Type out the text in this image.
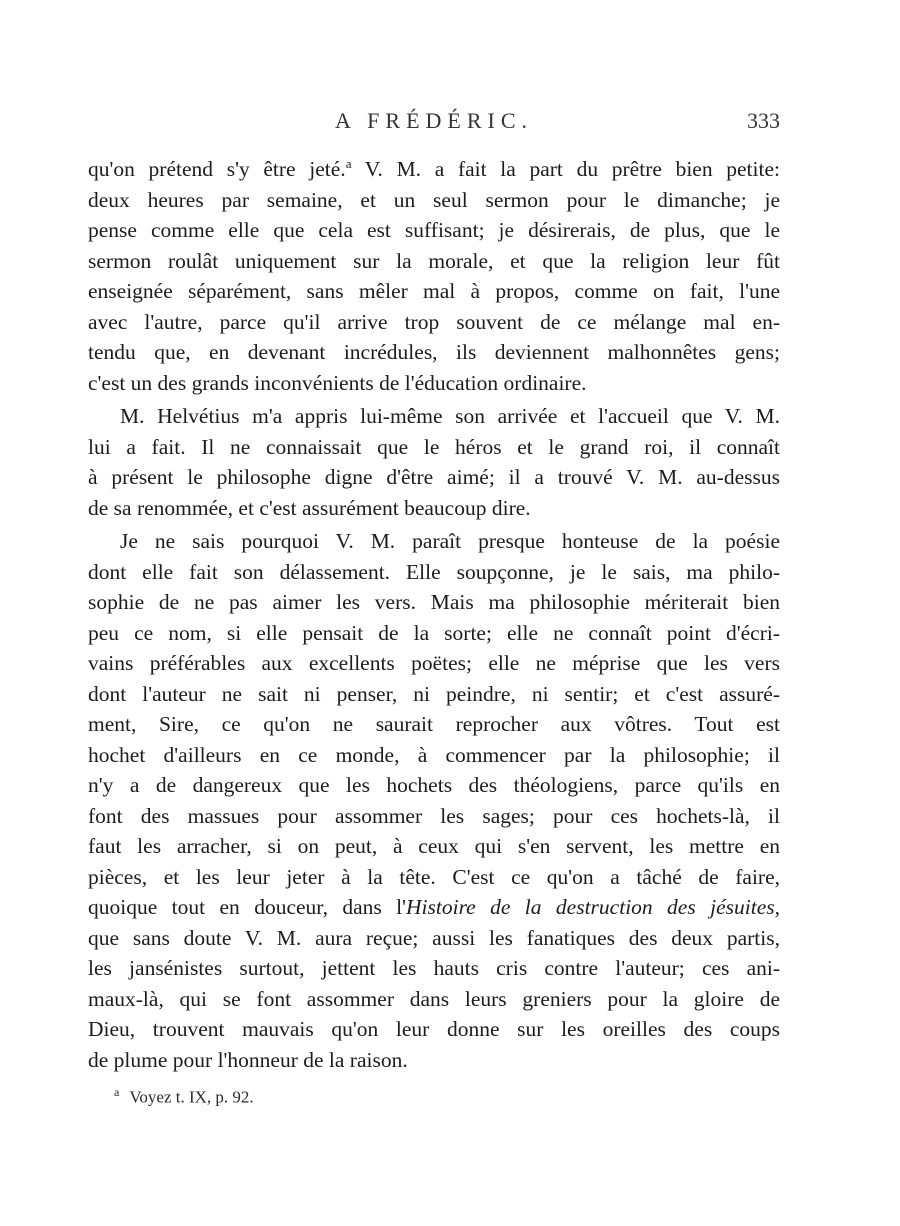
A FRÉDÉRIC.	333
qu'on prétend s'y être jeté.$^a$ V. M. a fait la part du prêtre bien petite:
deux heures par semaine, et un seul sermon pour le dimanche; je
pense comme elle que cela est suffisant; je désirerais, de plus, que le
sermon roulât uniquement sur la morale, et que la religion leur fût
enseignée séparément, sans mêler mal à propos, comme on fait, l'une
avec l'autre, parce qu'il arrive trop souvent de ce mélange mal en-
tendu que, en devenant incrédules, ils deviennent malhonnêtes gens;
c'est un des grands inconvénients de l'éducation ordinaire.
M. Helvétius m'a appris lui-même son arrivée et l'accueil que V. M.
lui a fait. Il ne connaissait que le héros et le grand roi, il connaît
à présent le philosophe digne d'être aimé; il a trouvé V. M. au-dessus
de sa renommée, et c'est assurément beaucoup dire.
Je ne sais pourquoi V. M. paraît presque honteuse de la poésie
dont elle fait son délassement. Elle soupçonne, je le sais, ma philo-
sophie de ne pas aimer les vers. Mais ma philosophie mériterait bien
peu ce nom, si elle pensait de la sorte; elle ne connaît point d'écri-
vains préférables aux excellents poëtes; elle ne méprise que les vers
dont l'auteur ne sait ni penser, ni peindre, ni sentir; et c'est assuré-
ment, Sire, ce qu'on ne saurait reprocher aux vôtres. Tout est
hochet d'ailleurs en ce monde, à commencer par la philosophie; il
n'y a de dangereux que les hochets des théologiens, parce qu'ils en
font des massues pour assommer les sages; pour ces hochets-là, il
faut les arracher, si on peut, à ceux qui s'en servent, les mettre en
pièces, et les leur jeter à la tête. C'est ce qu'on a tâché de faire,
quoique tout en douceur, dans l'Histoire de la destruction des jésuites,
que sans doute V. M. aura reçue; aussi les fanatiques des deux partis,
les jansénistes surtout, jettent les hauts cris contre l'auteur; ces ani-
maux-là, qui se font assommer dans leurs greniers pour la gloire de
Dieu, trouvent mauvais qu'on leur donne sur les oreilles des coups
de plume pour l'honneur de la raison.
$^a$ Voyez t. IX, p. 92.
